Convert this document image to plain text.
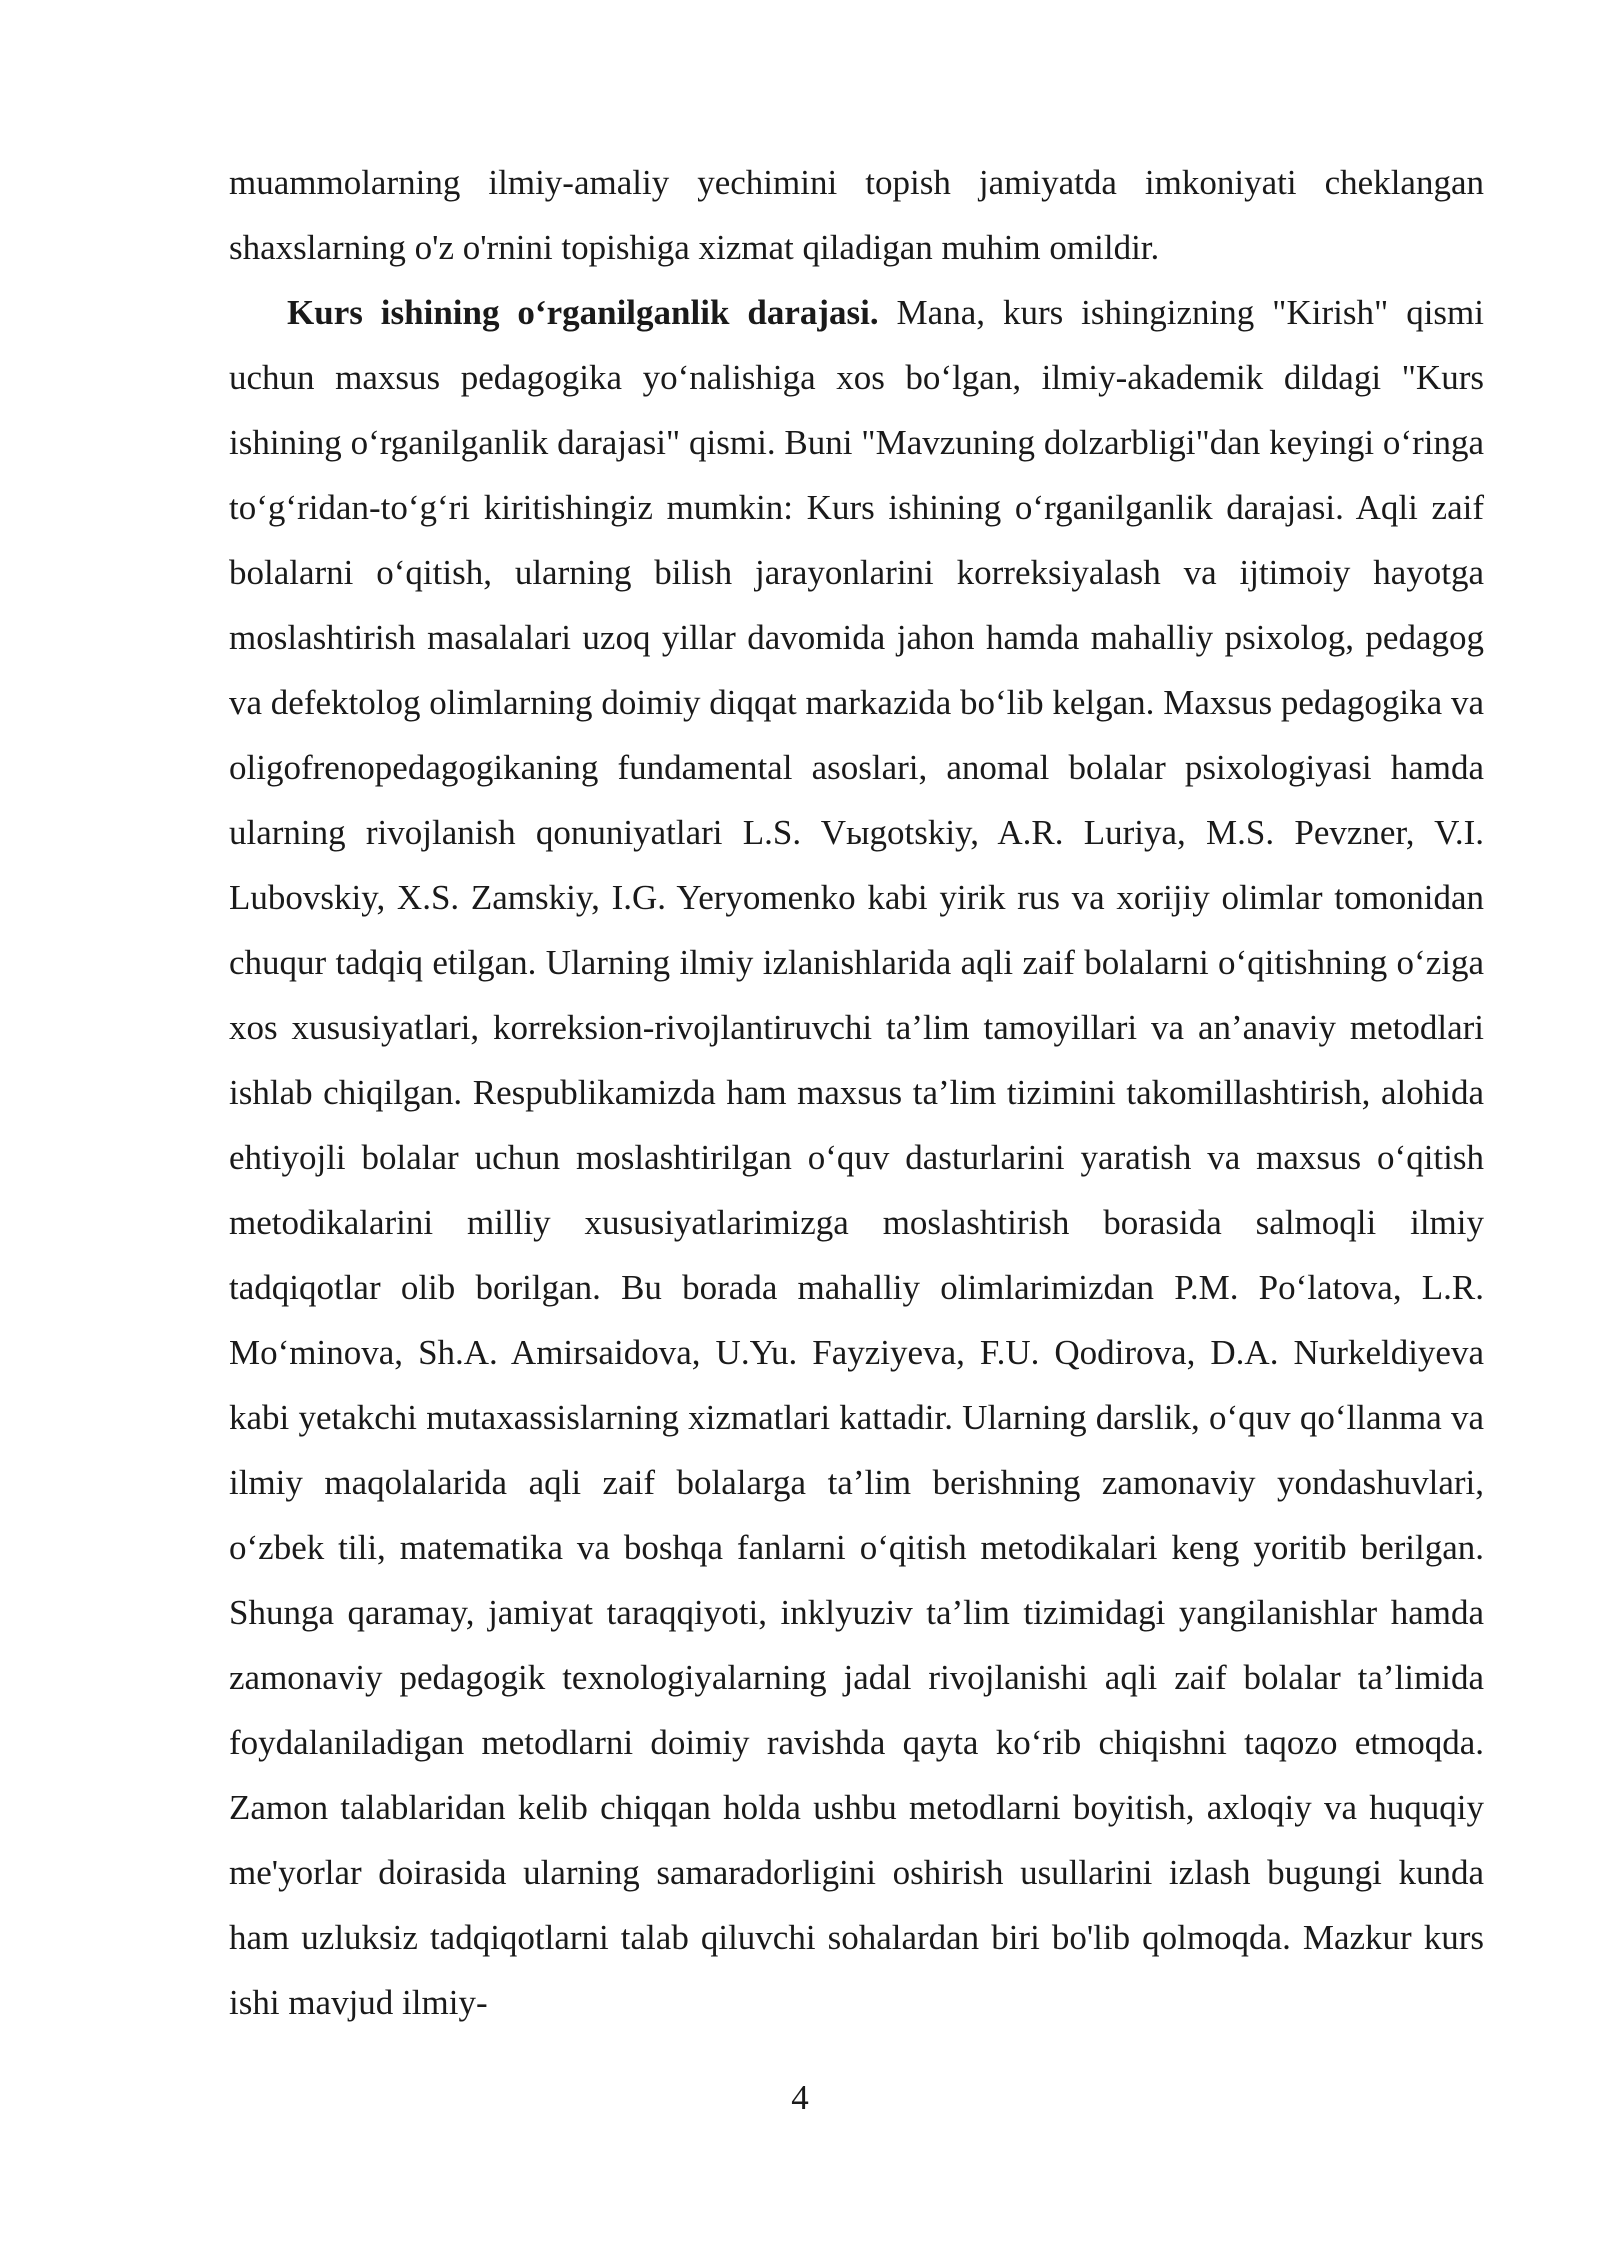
muammolarning ilmiy-amaliy yechimini topish jamiyatda imkoniyati cheklangan shaxslarning o'z o'rnini topishiga xizmat qiladigan muhim omildir.

Kurs ishining o‘rganilganlik darajasi. Mana, kurs ishingizning "Kirish" qismi uchun maxsus pedagogika yo‘nalishiga xos bo‘lgan, ilmiy-akademik dildagi "Kurs ishining o‘rganilganlik darajasi" qismi. Buni "Mavzuning dolzarbligi"dan keyingi o‘ringa to‘g‘ridan-to‘g‘ri kiritishingiz mumkin: Kurs ishining o‘rganilganlik darajasi. Aqli zaif bolalarni o‘qitish, ularning bilish jarayonlarini korreksiyalash va ijtimoiy hayotga moslashtirish masalalari uzoq yillar davomida jahon hamda mahalliy psixolog, pedagog va defektolog olimlarning doimiy diqqat markazida bo‘lib kelgan. Maxsus pedagogika va oligofrenopedagogikaning fundamental asoslari, anomal bolalar psixologiyasi hamda ularning rivojlanish qonuniyatlari L.S. Vыgotskiy, A.R. Luriya, M.S. Pevzner, V.I. Lubovskiy, X.S. Zamskiy, I.G. Yeryomenko kabi yirik rus va xorijiy olimlar tomonidan chuqur tadqiq etilgan. Ularning ilmiy izlanishlarida aqli zaif bolalarni o‘qitishning o‘ziga xos xususiyatlari, korreksion-rivojlantiruvchi ta’lim tamoyillari va an’anaviy metodlari ishlab chiqilgan. Respublikamizda ham maxsus ta’lim tizimini takomillashtirish, alohida ehtiyojli bolalar uchun moslashtirilgan o‘quv dasturlarini yaratish va maxsus o‘qitish metodikalarini milliy xususiyatlarimizga moslashtirish borasida salmoqli ilmiy tadqiqotlar olib borilgan. Bu borada mahalliy olimlarimizdan P.M. Po‘latova, L.R. Mo‘minova, Sh.A. Amirsaidova, U.Yu. Fayziyeva, F.U. Qodirova, D.A. Nurkeldiyeva kabi yetakchi mutaxassislarning xizmatlari kattadir. Ularning darslik, o‘quv qo‘llanma va ilmiy maqolalarida aqli zaif bolalarga ta’lim berishning zamonaviy yondashuvlari, o‘zbek tili, matematika va boshqa fanlarni o‘qitish metodikalari keng yoritib berilgan. Shunga qaramay, jamiyat taraqqiyoti, inklyuziv ta’lim tizimidagi yangilanishlar hamda zamonaviy pedagogik texnologiyalarning jadal rivojlanishi aqli zaif bolalar ta’limida foydalaniladigan metodlarni doimiy ravishda qayta ko‘rib chiqishni taqozo etmoqda. Zamon talablaridan kelib chiqqan holda ushbu metodlarni boyitish, axloqiy va huquqiy me'yorlar doirasida ularning samaradorligini oshirish usullarini izlash bugungi kunda ham uzluksiz tadqiqotlarni talab qiluvchi sohalardan biri bo'lib qolmoqda. Mazkur kurs ishi mavjud ilmiy-

4
